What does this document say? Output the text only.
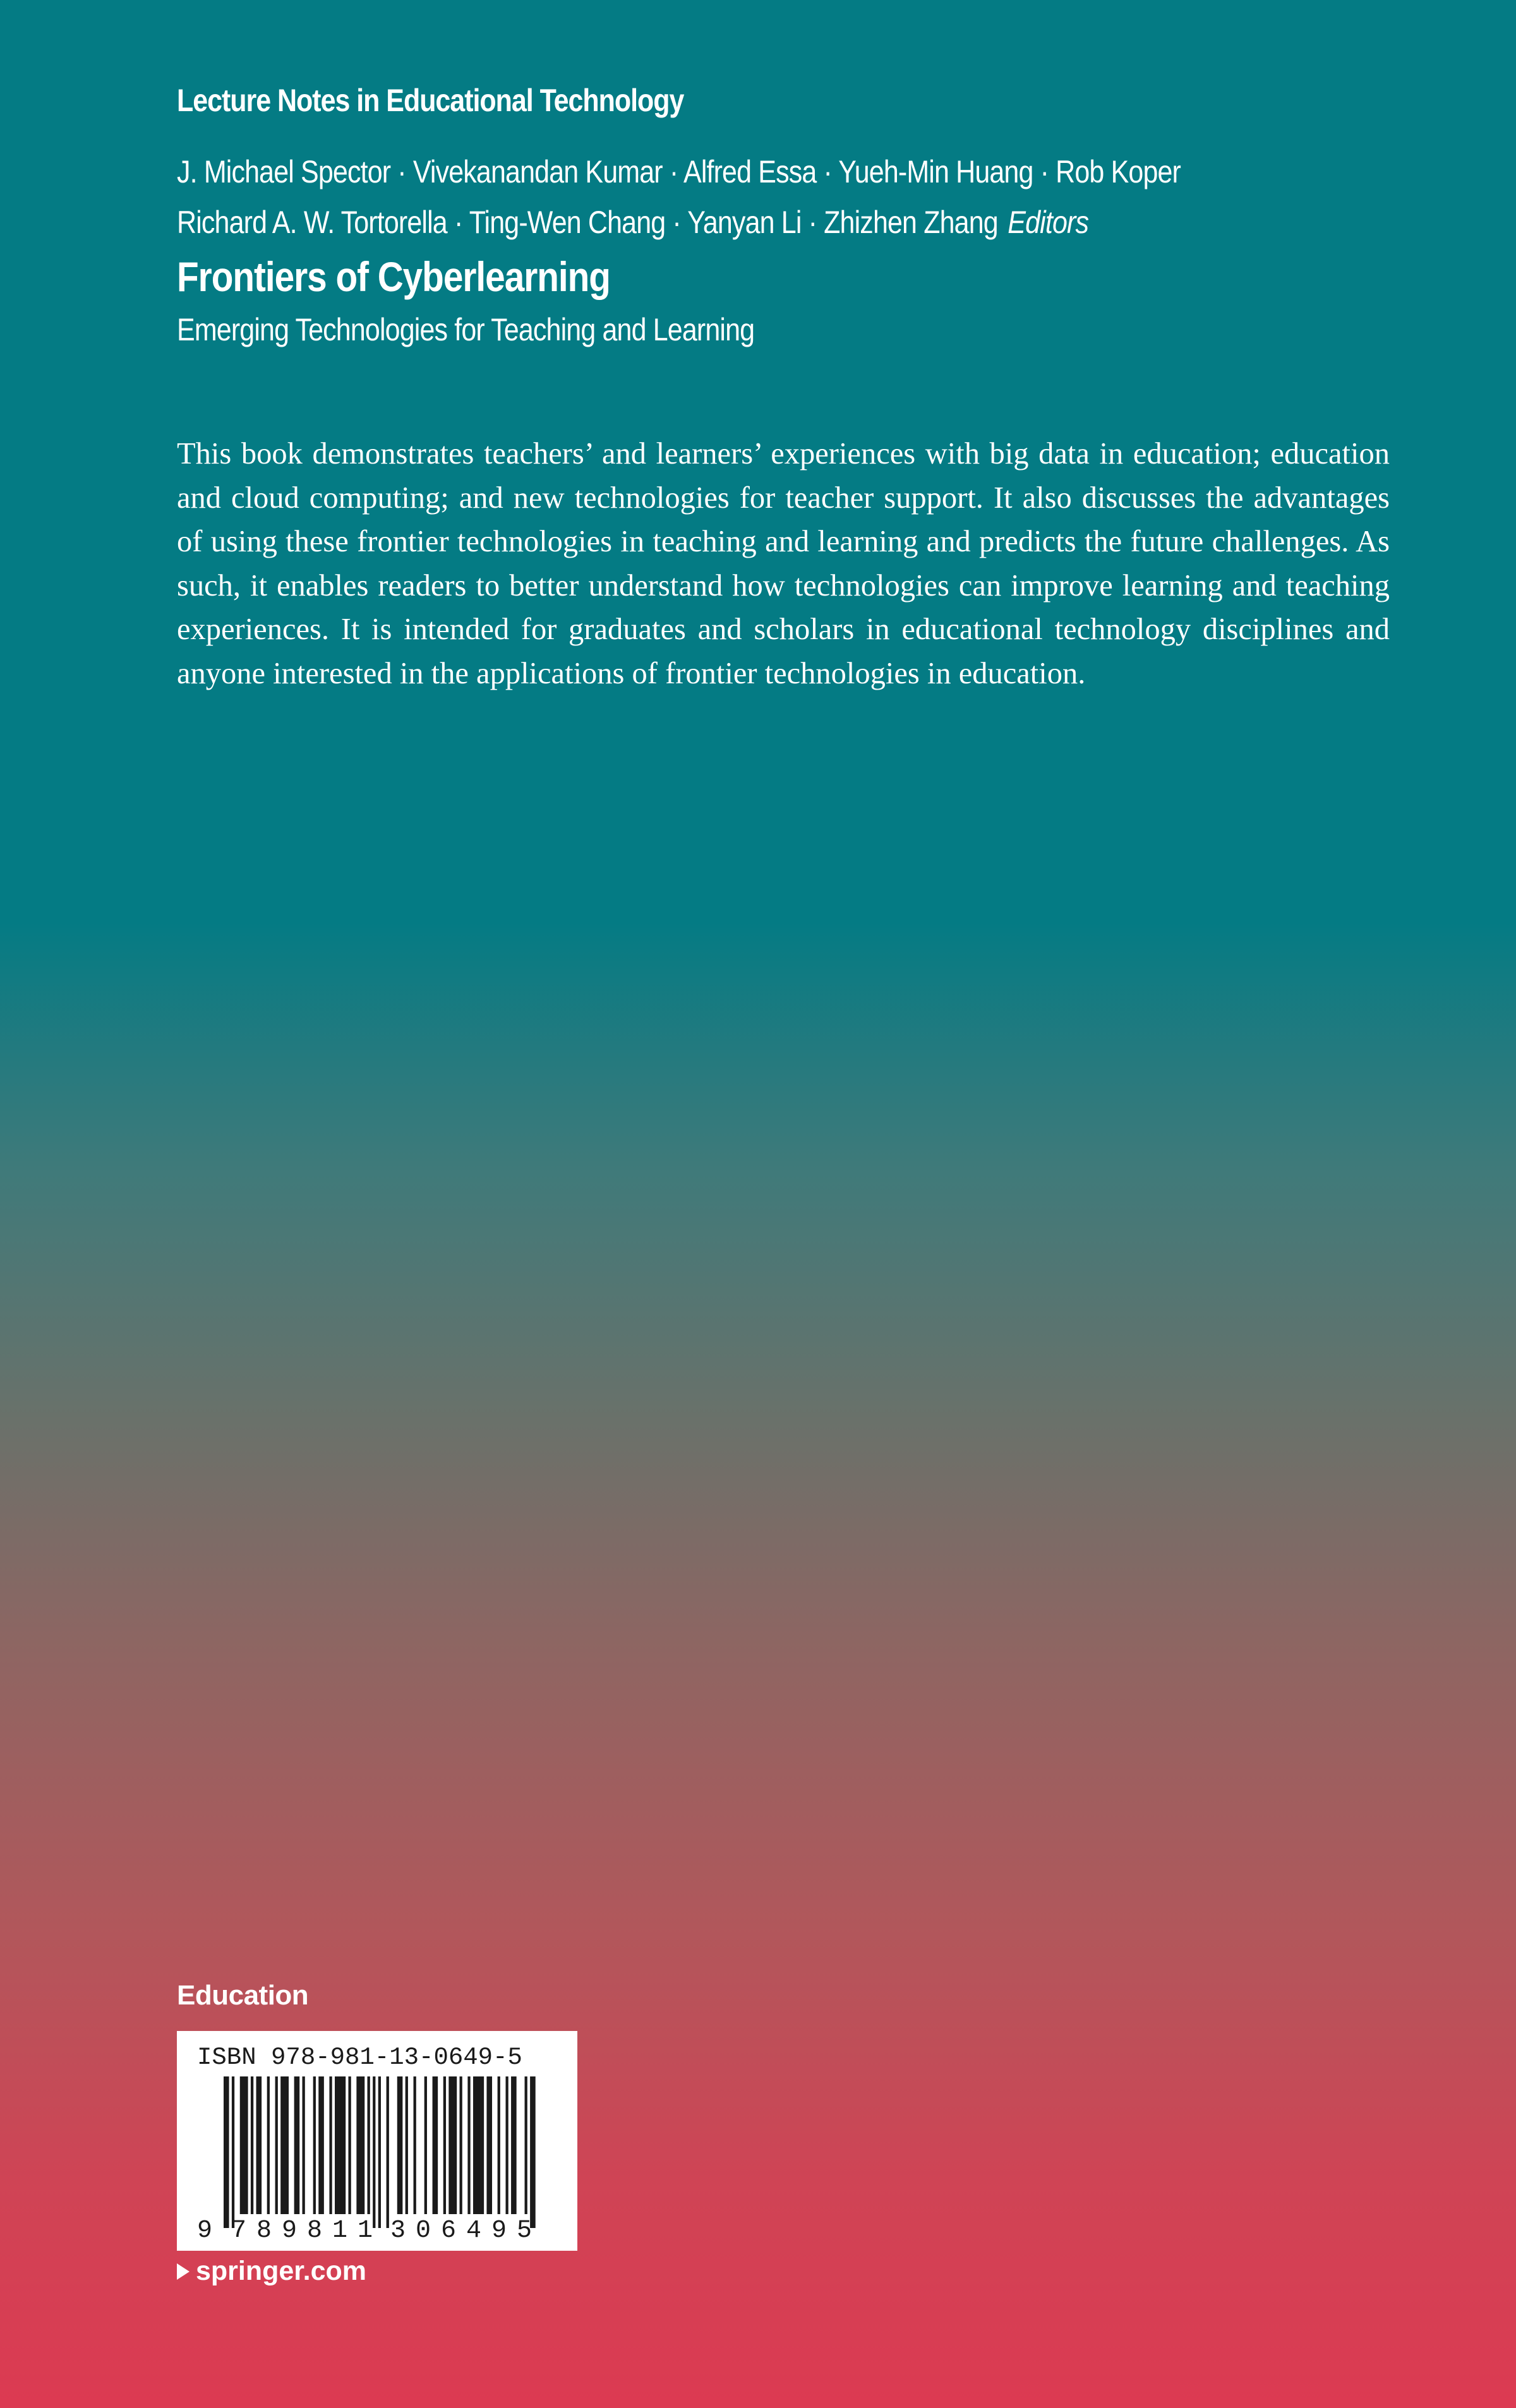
Lecture Notes in Educational Technology
J. Michael Spector · Vivekanandan Kumar · Alfred Essa · Yueh-Min Huang · Rob Koper
Richard A. W. Tortorella · Ting-Wen Chang · Yanyan Li · Zhizhen Zhang Editors
Frontiers of Cyberlearning
Emerging Technologies for Teaching and Learning
This book demonstrates teachers’ and learners’ experiences with big data in education; education and cloud computing; and new technologies for teacher support. It also discusses the advantages of using these frontier technologies in teaching and learning and predicts the future challenges. As such, it enables readers to better understand how technologies can improve learning and teaching experiences. It is intended for graduates and scholars in educational technology disciplines and anyone interested in the applications of frontier technologies in education.
Education
ISBN 978-981-13-0649-5
9 789811 306495
springer.com
